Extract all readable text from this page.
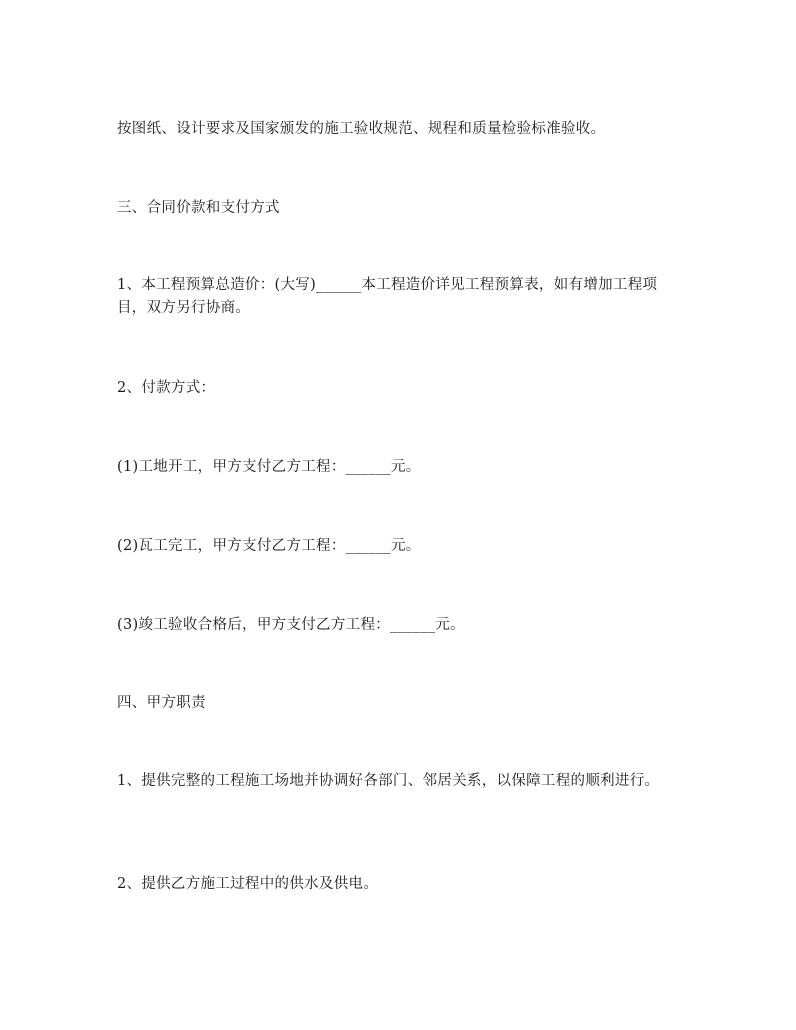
按图纸、设计要求及国家颁发的施工验收规范、规程和质量检验标准验收。

三、合同价款和支付方式

1、本工程预算总造价：(大写)______本工程造价详见工程预算表，如有增加工程项目，双方另行协商。

2、付款方式：

(1)工地开工，甲方支付乙方工程：______元。

(2)瓦工完工，甲方支付乙方工程：______元。

(3)竣工验收合格后，甲方支付乙方工程：______元。

四、甲方职责

1、提供完整的工程施工场地并协调好各部门、邻居关系，以保障工程的顺利进行。

2、提供乙方施工过程中的供水及供电。
